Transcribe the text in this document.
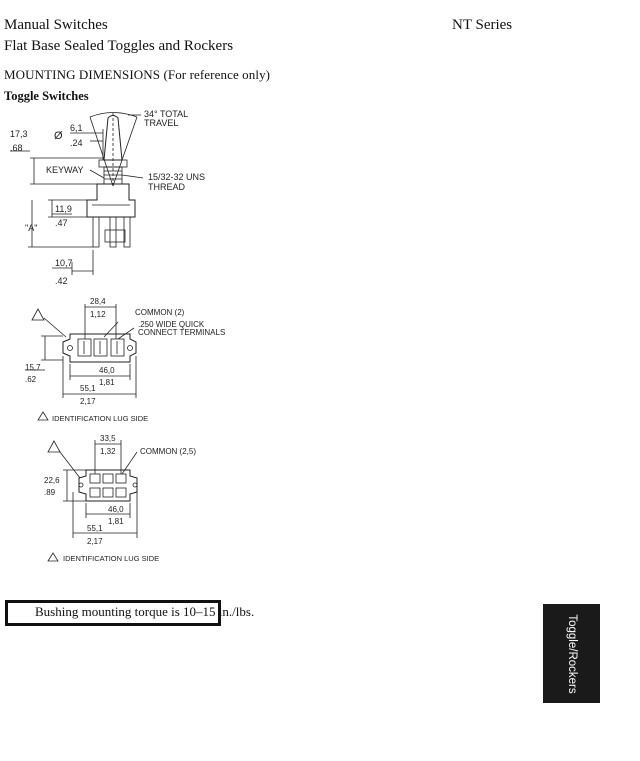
Manual Switches
Flat Base Sealed Toggles and Rockers
NT Series
MOUNTING DIMENSIONS (For reference only)
Toggle Switches
34° TOTAL
TRAVEL
Ø
6,1
.24
17,3
.68
KEYWAY
15/32-32 UNS
THREAD
11,9
.47
"A"
10,7
.42
28,4
1,12	COMMON (2)
.250 WIDE QUICK
CONNECT TERMINALS
15,7
.62
46,0
1,81
55,1
2,17
IDENTIFICATION LUG SIDE
33,5
1,32	COMMON (2,5)
22,6
.89
46,0
1,81
55,1
2,17
IDENTIFICATION LUG SIDE
Bushing mounting torque is 10–15 in./lbs.
Toggle/Rockers
